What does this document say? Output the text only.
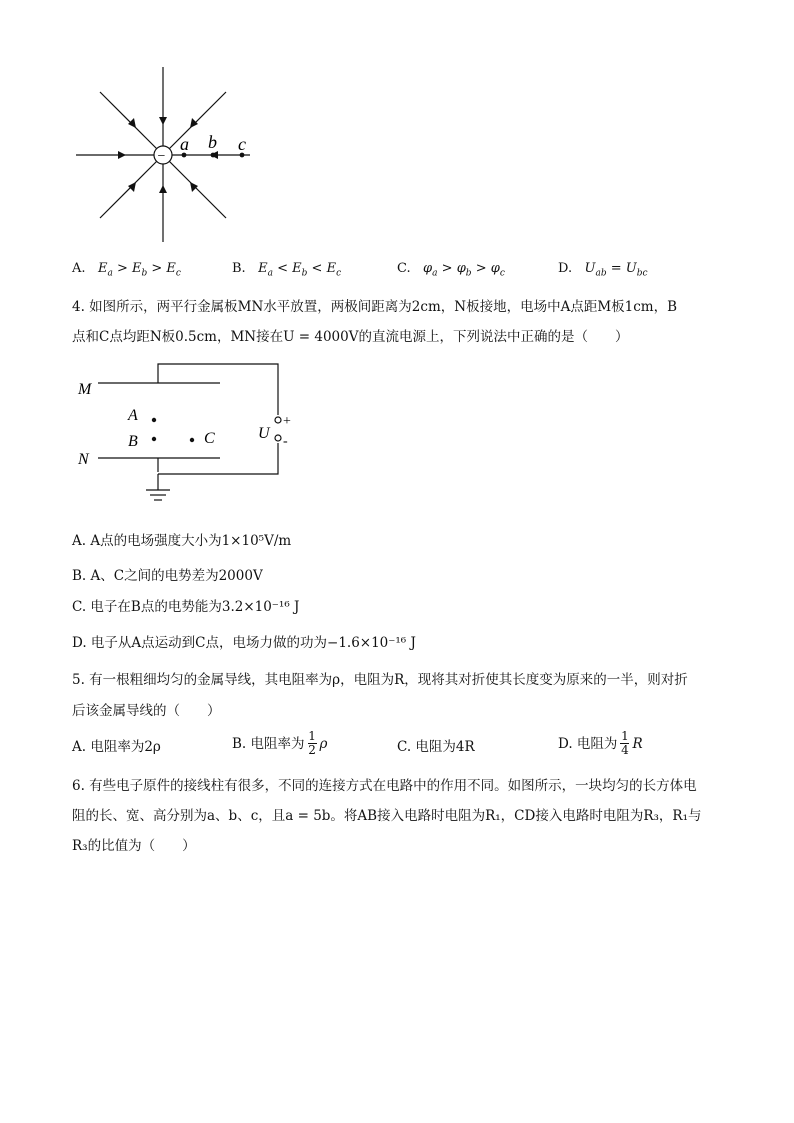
−
a b c
A. $E_a > E_b > E_c$	B. $E_a < E_b < E_c$	C. $\varphi_a > \varphi_b > \varphi_c$	D. $U_{ab} = U_{bc}$
4. 如图所示，两平行金属板MN水平放置，两极间距离为2cm，N板接地，电场中A点距M板1cm，B
点和C点均距N板0.5cm，MN接在U = 4000V的直流电源上，下列说法中正确的是（　　）
+
-
U
M
N
A
B	C
A. A点的电场强度大小为1×10⁵V/m
B. A、C之间的电势差为2000V
C. 电子在B点的电势能为3.2×10⁻¹⁶ J
D. 电子从A点运动到C点，电场力做的功为−1.6×10⁻¹⁶ J
5. 有一根粗细均匀的金属导线，其电阻率为ρ，电阻为R，现将其对折使其长度变为原来的一半，则对折
后该金属导线的（　　）
A. 电阻率为2ρ	B. 电阻率为 1
2 ρ	C. 电阻为4R	D. 电阻为 1
4 R
6. 有些电子原件的接线柱有很多，不同的连接方式在电路中的作用不同。如图所示，一块均匀的长方体电
阻的长、宽、高分别为a、b、c，且a = 5b。将AB接入电路时电阻为R₁，CD接入电路时电阻为R₃，R₁与
R₃的比值为（　　）
